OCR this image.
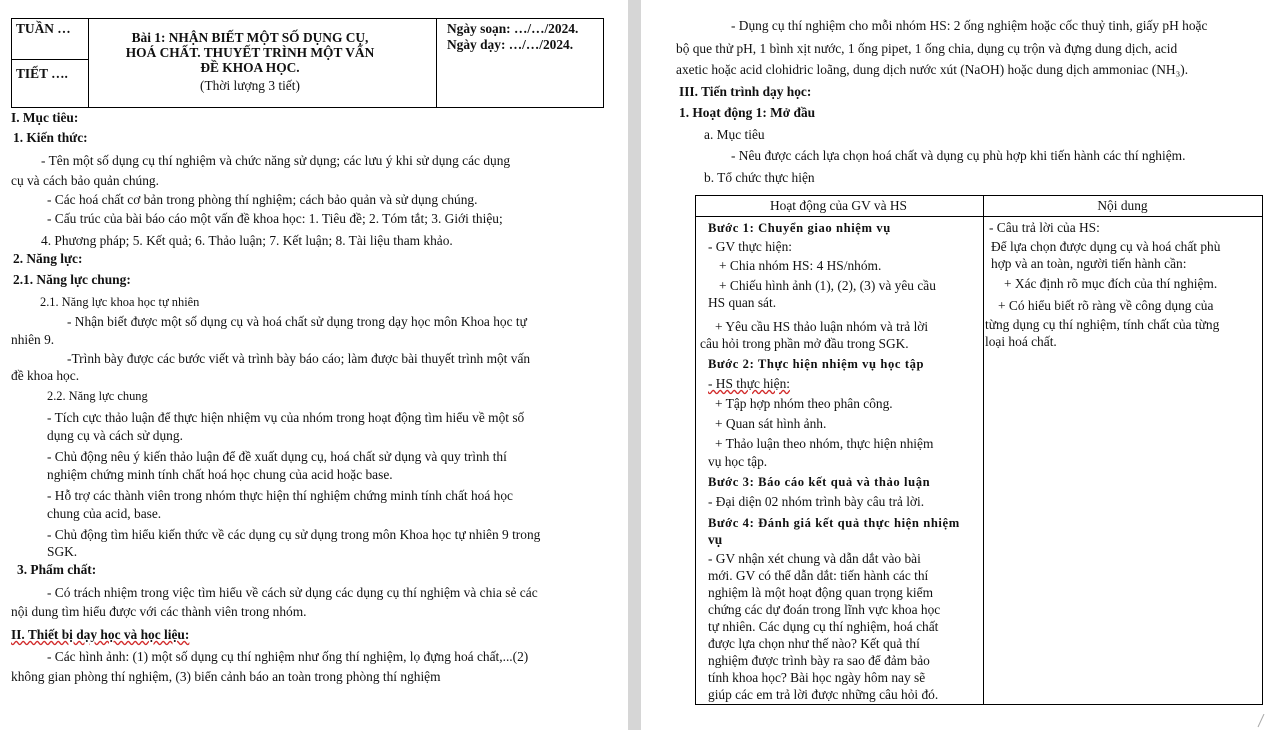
TUẦN …
TIẾT ….
Bài 1: NHẬN BIẾT MỘT SỐ DỤNG CỤ,
HOÁ CHẤT. THUYẾT TRÌNH MỘT VẤN
ĐỀ KHOA HỌC.
(Thời lượng 3 tiết)
Ngày soạn: …/…/2024.
Ngày dạy: …/…/2024.
I. Mục tiêu:
1. Kiến thức:
- Tên một số dụng cụ thí nghiệm và chức năng sử dụng; các lưu ý khi sử dụng các dụng
cụ và cách bảo quản chúng.
- Các hoá chất cơ bản trong phòng thí nghiệm; cách bảo quản và sử dụng chúng.
- Cấu trúc của bài báo cáo một vấn đề khoa học: 1. Tiêu đề; 2. Tóm tắt; 3. Giới thiệu;
4. Phương pháp; 5. Kết quả; 6. Thảo luận; 7. Kết luận; 8. Tài liệu tham khảo.
2. Năng lực:
2.1. Năng lực chung:
2.1. Năng lực khoa học tự nhiên
- Nhận biết được một số dụng cụ và hoá chất sử dụng trong dạy học môn Khoa học tự
nhiên 9.
-Trình bày được các bước viết và trình bày báo cáo; làm được bài thuyết trình một vấn
đề khoa học.
2.2. Năng lực chung
- Tích cực thảo luận để thực hiện nhiệm vụ của nhóm trong hoạt động tìm hiểu về một số
dụng cụ và cách sử dụng.
- Chủ động nêu ý kiến thảo luận để đề xuất dụng cụ, hoá chất sử dụng và quy trình thí
nghiệm chứng minh tính chất hoá học chung của acid hoặc base.
- Hỗ trợ các thành viên trong nhóm thực hiện thí nghiệm chứng minh tính chất hoá học
chung của acid, base.
- Chủ động tìm hiểu kiến thức về các dụng cụ sử dụng trong môn Khoa học tự nhiên 9 trong
SGK.
3. Phẩm chất:
- Có trách nhiệm trong việc tìm hiểu về cách sử dụng các dụng cụ thí nghiệm và chia sẻ các
nội dung tìm hiểu được với các thành viên trong nhóm.
II. Thiết bị dạy học và học liệu:
- Các hình ảnh: (1) một số dụng cụ thí nghiệm như ống thí nghiệm, lọ đựng hoá chất,...(2)
không gian phòng thí nghiệm, (3) biển cảnh báo an toàn trong phòng thí nghiệm
- Dụng cụ thí nghiệm cho mỗi nhóm HS: 2 ống nghiệm hoặc cốc thuỷ tinh, giấy pH hoặc
bộ que thử pH, 1 bình xịt nước, 1 ống pipet, 1 ống chia, dụng cụ trộn và đựng dung dịch, acid
axetic hoặc acid clohidric loãng, dung dịch nước xút (NaOH) hoặc dung dịch ammoniac (NH₃).
III. Tiến trình dạy học:
1. Hoạt động 1: Mở đầu
a. Mục tiêu
- Nêu được cách lựa chọn hoá chất và dụng cụ phù hợp khi tiến hành các thí nghiệm.
b. Tổ chức thực hiện
Hoạt động của GV và HS	Nội dung
Bước 1: Chuyển giao nhiệm vụ
- GV thực hiện:
+ Chia nhóm HS: 4 HS/nhóm.
+ Chiếu hình ảnh (1), (2), (3) và yêu cầu
HS quan sát.
+ Yêu cầu HS thảo luận nhóm và trả lời
câu hỏi trong phần mở đầu trong SGK.
Bước 2: Thực hiện nhiệm vụ học tập
- HS thực hiện:
+ Tập hợp nhóm theo phân công.
+ Quan sát hình ảnh.
+ Thảo luận theo nhóm, thực hiện nhiệm
vụ học tập.
Bước 3: Báo cáo kết quả và thảo luận
- Đại diện 02 nhóm trình bày câu trả lời.
Bước 4: Đánh giá kết quả thực hiện nhiệm
vụ
- GV nhận xét chung và dẫn dắt vào bài
mới. GV có thể dẫn dắt: tiến hành các thí
nghiệm là một hoạt động quan trọng kiểm
chứng các dự đoán trong lĩnh vực khoa học
tự nhiên. Các dụng cụ thí nghiệm, hoá chất
được lựa chọn như thế nào? Kết quả thí
nghiệm được trình bày ra sao để đảm bảo
tính khoa học? Bài học ngày hôm nay sẽ
giúp các em trả lời được những câu hỏi đó.
- Câu trả lời của HS:
Để lựa chọn được dụng cụ và hoá chất phù
hợp và an toàn, người tiến hành cần:
+ Xác định rõ mục đích của thí nghiệm.
+ Có hiểu biết rõ ràng về công dụng của
từng dụng cụ thí nghiệm, tính chất của từng
loại hoá chất.
